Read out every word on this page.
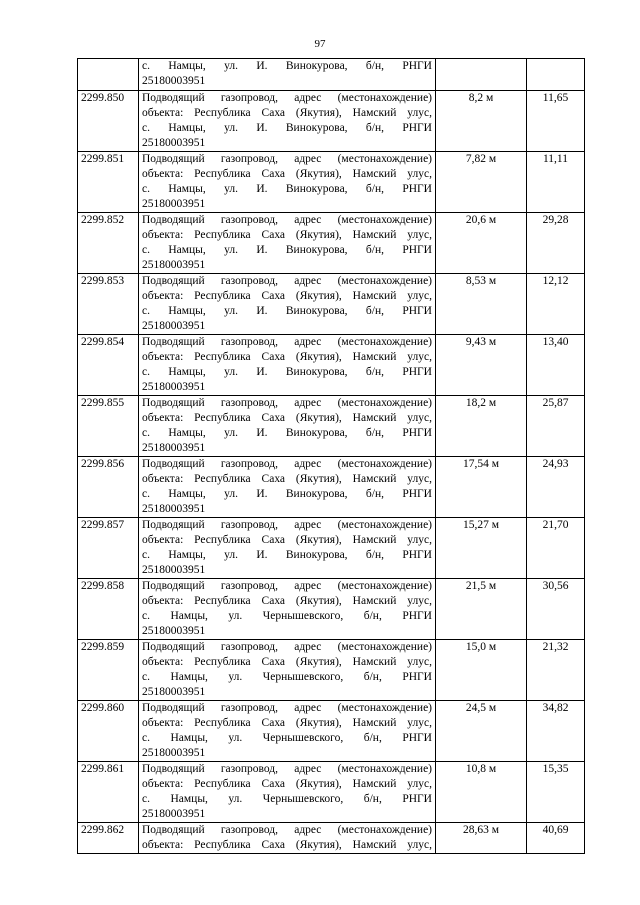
97

	с. Намцы, ул. И. Винокурова, б/н, РНГИ
25180003951		

2299.850	Подводящий газопровод, адрес (местонахождение)
объекта: Республика Саха (Якутия), Намский улус,
с. Намцы, ул. И. Винокурова, б/н, РНГИ
25180003951	8,2 м	11,65
2299.851	Подводящий газопровод, адрес (местонахождение)
объекта: Республика Саха (Якутия), Намский улус,
с. Намцы, ул. И. Винокурова, б/н, РНГИ
25180003951	7,82 м	11,11
2299.852	Подводящий газопровод, адрес (местонахождение)
объекта: Республика Саха (Якутия), Намский улус,
с. Намцы, ул. И. Винокурова, б/н, РНГИ
25180003951	20,6 м	29,28
2299.853	Подводящий газопровод, адрес (местонахождение)
объекта: Республика Саха (Якутия), Намский улус,
с. Намцы, ул. И. Винокурова, б/н, РНГИ
25180003951	8,53 м	12,12
2299.854	Подводящий газопровод, адрес (местонахождение)
объекта: Республика Саха (Якутия), Намский улус,
с. Намцы, ул. И. Винокурова, б/н, РНГИ
25180003951	9,43 м	13,40
2299.855	Подводящий газопровод, адрес (местонахождение)
объекта: Республика Саха (Якутия), Намский улус,
с. Намцы, ул. И. Винокурова, б/н, РНГИ
25180003951	18,2 м	25,87
2299.856	Подводящий газопровод, адрес (местонахождение)
объекта: Республика Саха (Якутия), Намский улус,
с. Намцы, ул. И. Винокурова, б/н, РНГИ
25180003951	17,54 м	24,93
2299.857	Подводящий газопровод, адрес (местонахождение)
объекта: Республика Саха (Якутия), Намский улус,
с. Намцы, ул. И. Винокурова, б/н, РНГИ
25180003951	15,27 м	21,70
2299.858	Подводящий газопровод, адрес (местонахождение)
объекта: Республика Саха (Якутия), Намский улус,
с. Намцы, ул. Чернышевского, б/н, РНГИ
25180003951	21,5 м	30,56
2299.859	Подводящий газопровод, адрес (местонахождение)
объекта: Республика Саха (Якутия), Намский улус,
с. Намцы, ул. Чернышевского, б/н, РНГИ
25180003951	15,0 м	21,32
2299.860	Подводящий газопровод, адрес (местонахождение)
объекта: Республика Саха (Якутия), Намский улус,
с. Намцы, ул. Чернышевского, б/н, РНГИ
25180003951	24,5 м	34,82
2299.861	Подводящий газопровод, адрес (местонахождение)
объекта: Республика Саха (Якутия), Намский улус,
с. Намцы, ул. Чернышевского, б/н, РНГИ
25180003951	10,8 м	15,35
2299.862	Подводящий газопровод, адрес (местонахождение)
объекта: Республика Саха (Якутия), Намский улус,	28,63 м	40,69
